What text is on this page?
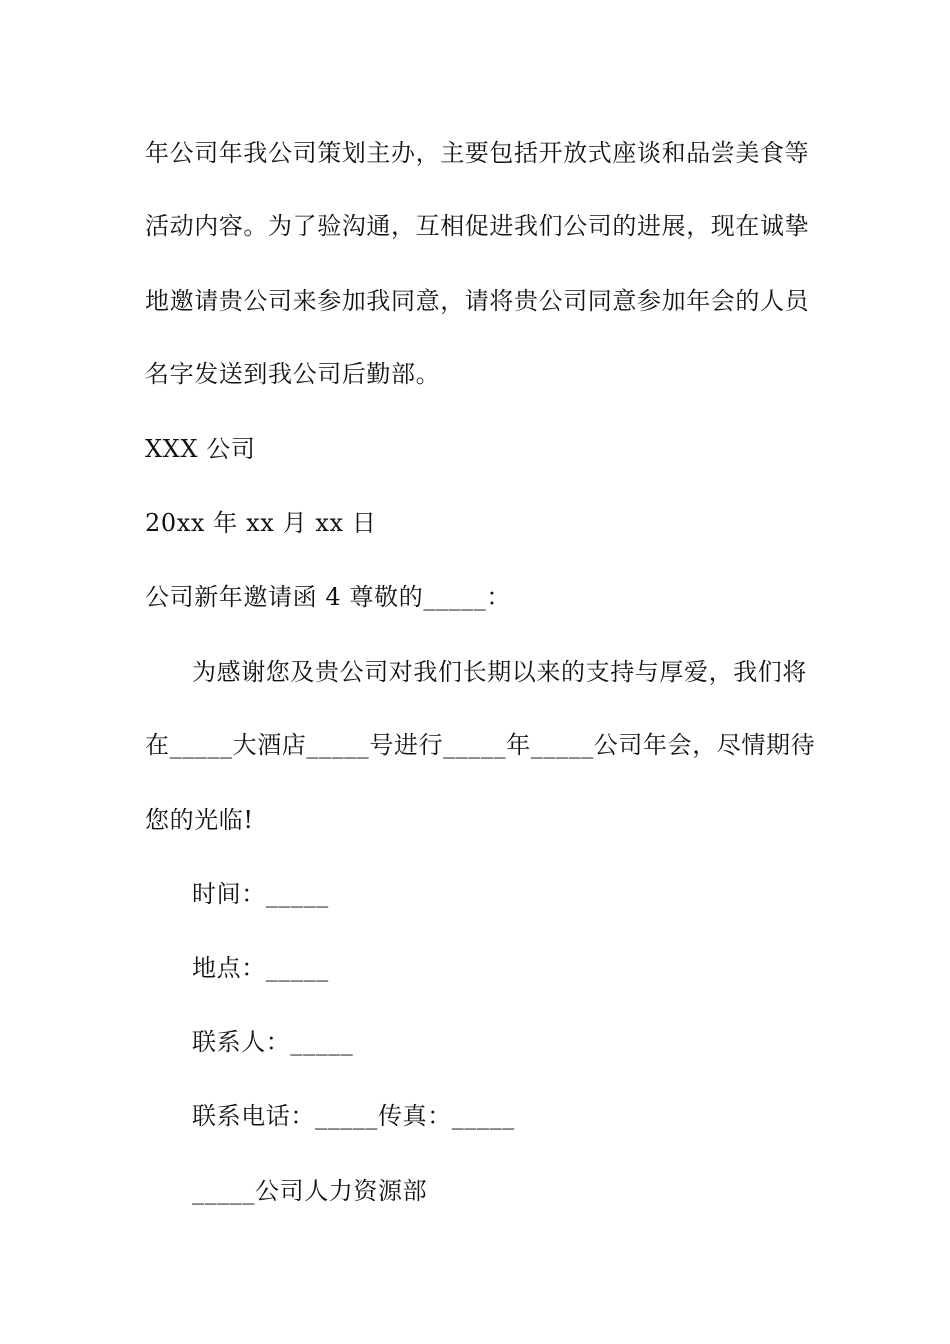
年公司年我公司策划主办，主要包括开放式座谈和品尝美食等
活动内容。为了验沟通，互相促进我们公司的进展，现在诚挚
地邀请贵公司来参加我同意，请将贵公司同意参加年会的人员
名字发送到我公司后勤部。
XXX 公司
20xx 年 xx 月 xx 日
公司新年邀请函 4 尊敬的_____：
为感谢您及贵公司对我们长期以来的支持与厚爱，我们将
在_____大酒店_____号进行_____年_____公司年会，尽情期待
您的光临!
时间：_____
地点：_____
联系人：_____
联系电话：_____传真：_____
_____公司人力资源部
